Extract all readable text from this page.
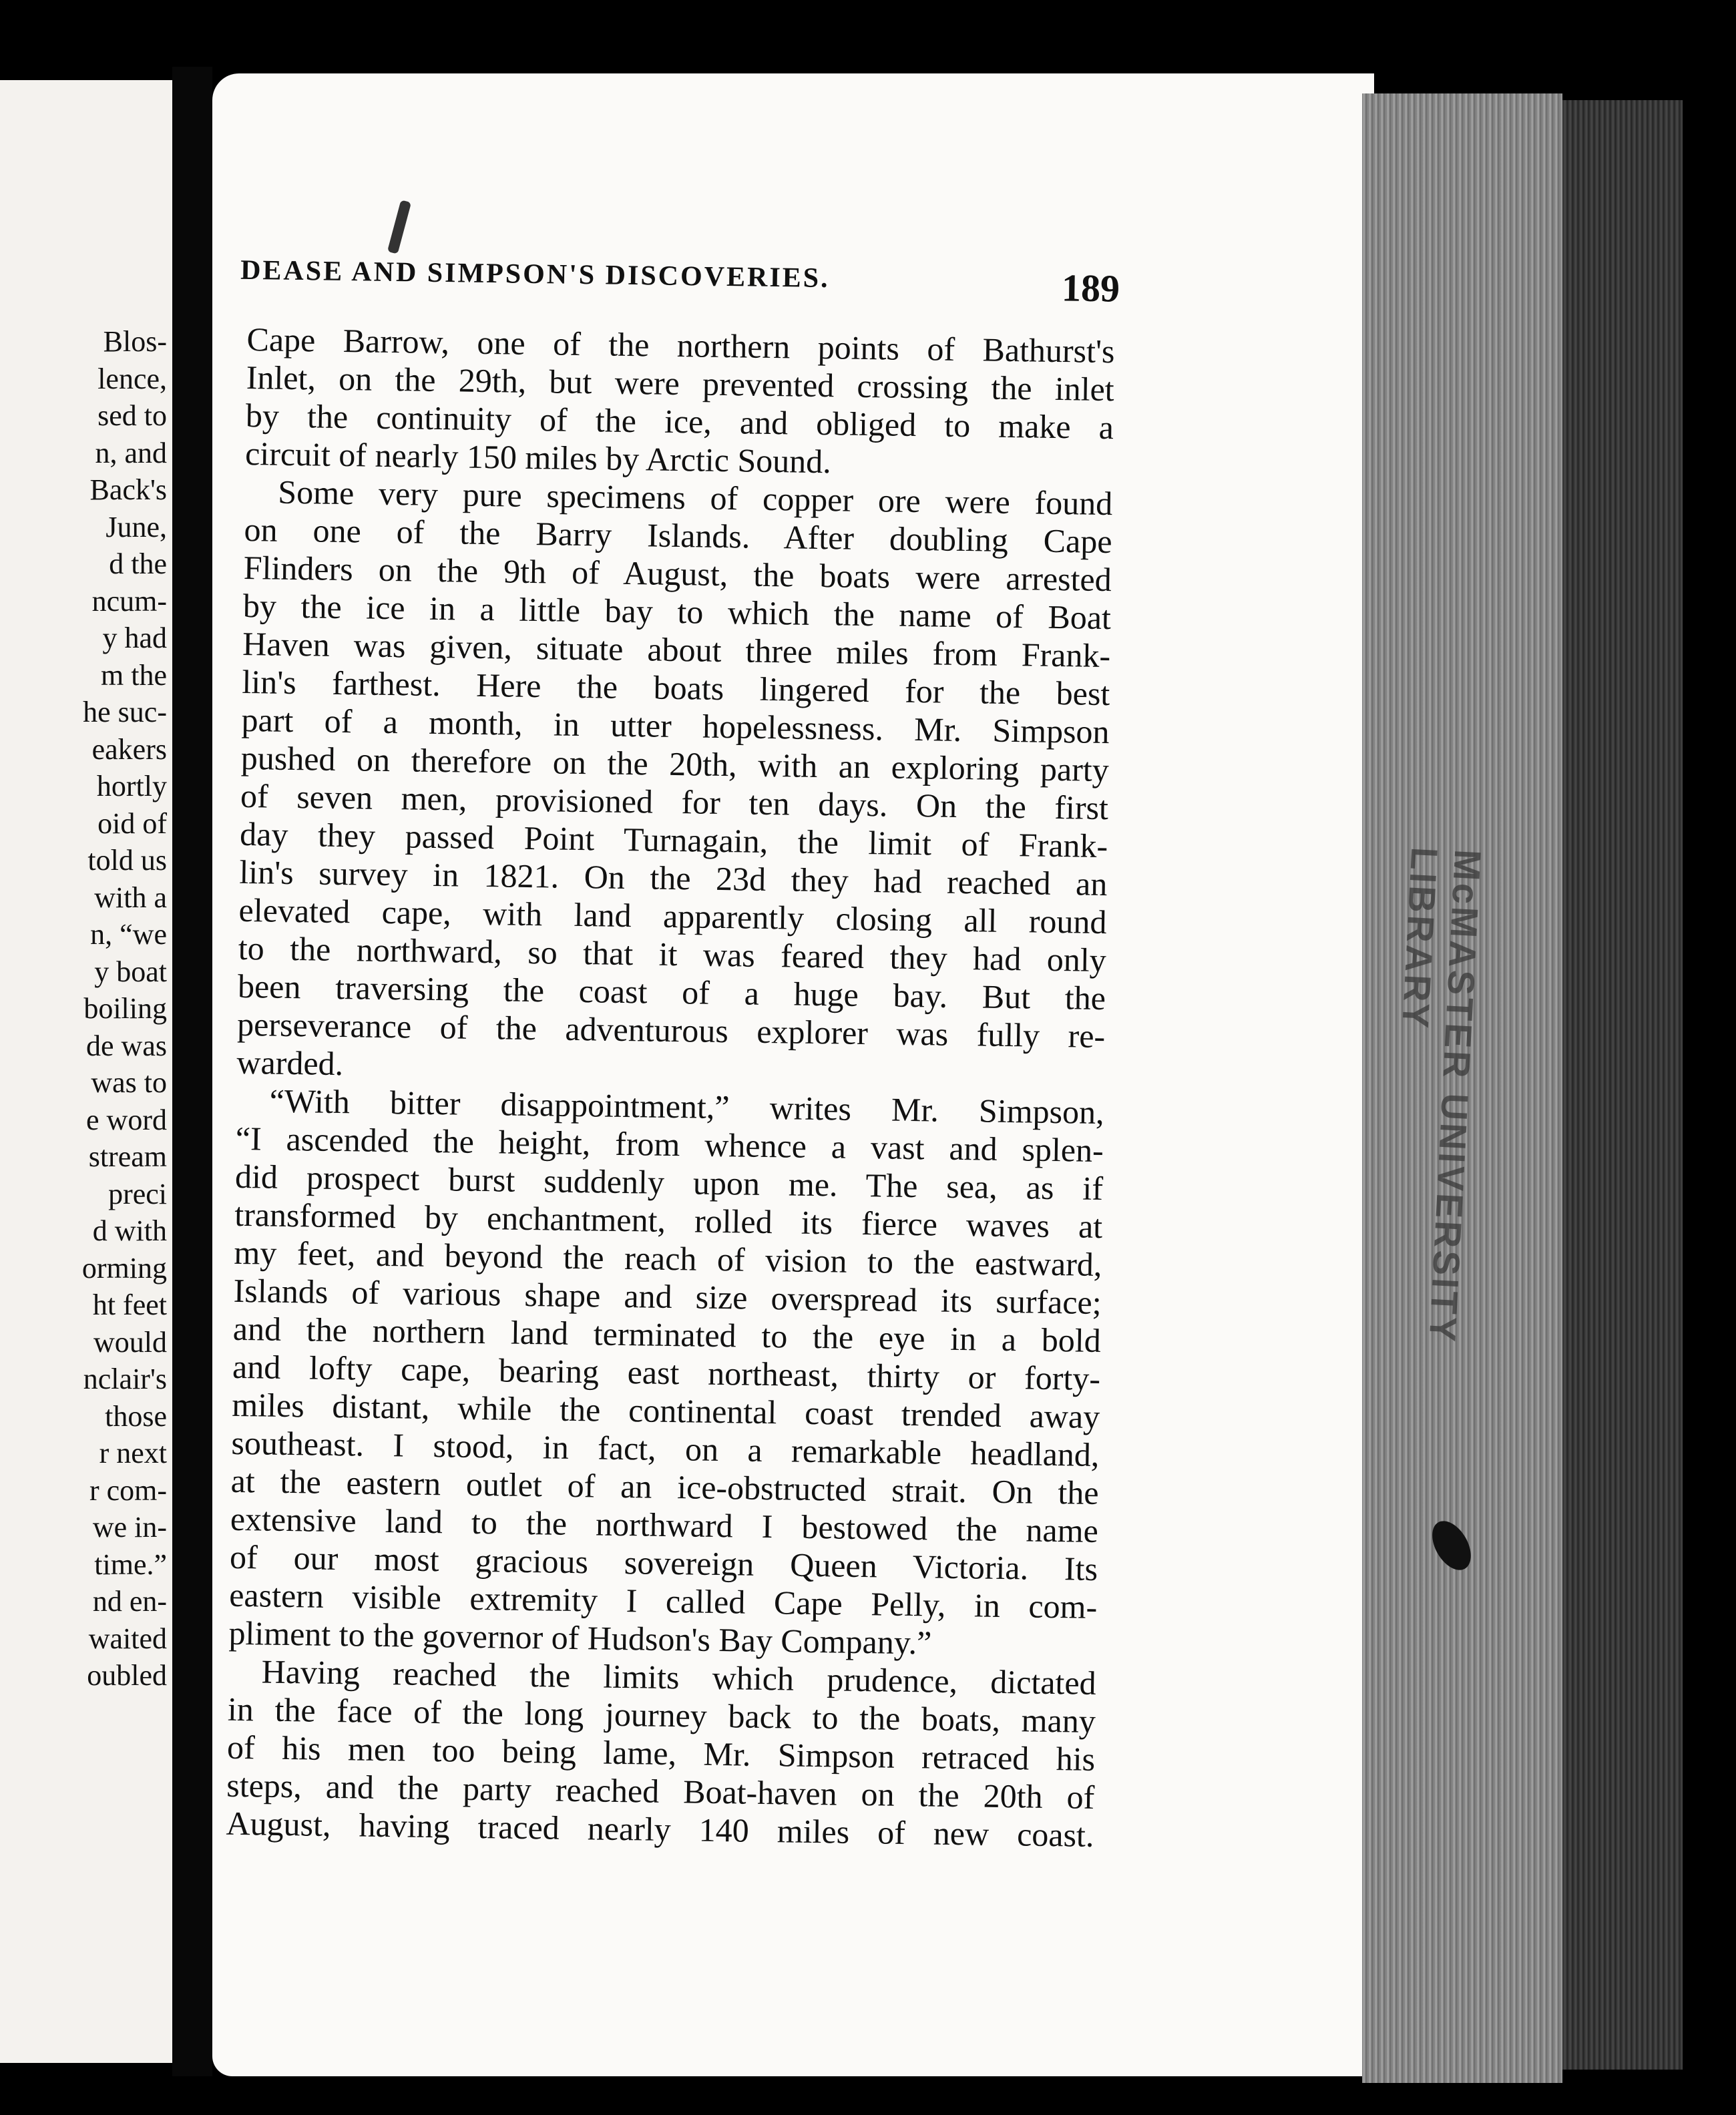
Blos-
lence,
sed to
n, and
Back's
June,
d the
ncum-
y had
m the
he suc-
eakers
hortly
oid of
told us
with a
n, “we
y boat
boiling
de was
was to
e word
stream
preci
d with
orming
ht feet
would
nclair's
those
r next
r com-
we in-
time.”
nd en-
waited
oubled
McMASTER UNIVERSITY LIBRARY
DEASE AND SIMPSON'S DISCOVERIES.	189
Cape Barrow, one of the northern points of Bathurst's
Inlet, on the 29th, but were prevented crossing the inlet
by the continuity of the ice, and obliged to make a
circuit of nearly 150 miles by Arctic Sound.
Some very pure specimens of copper ore were found
on one of the Barry Islands. After doubling Cape
Flinders on the 9th of August, the boats were arrested
by the ice in a little bay to which the name of Boat
Haven was given, situate about three miles from Frank-
lin's farthest. Here the boats lingered for the best
part of a month, in utter hopelessness. Mr. Simpson
pushed on therefore on the 20th, with an exploring party
of seven men, provisioned for ten days. On the first
day they passed Point Turnagain, the limit of Frank-
lin's survey in 1821. On the 23d they had reached an
elevated cape, with land apparently closing all round
to the northward, so that it was feared they had only
been traversing the coast of a huge bay. But the
perseverance of the adventurous explorer was fully re-
warded.
“With bitter disappointment,” writes Mr. Simpson,
“I ascended the height, from whence a vast and splen-
did prospect burst suddenly upon me. The sea, as if
transformed by enchantment, rolled its fierce waves at
my feet, and beyond the reach of vision to the eastward,
Islands of various shape and size overspread its surface;
and the northern land terminated to the eye in a bold
and lofty cape, bearing east northeast, thirty or forty-
miles distant, while the continental coast trended away
southeast. I stood, in fact, on a remarkable headland,
at the eastern outlet of an ice-obstructed strait. On the
extensive land to the northward I bestowed the name
of our most gracious sovereign Queen Victoria. Its
eastern visible extremity I called Cape Pelly, in com-
pliment to the governor of Hudson's Bay Company.”
Having reached the limits which prudence, dictated
in the face of the long journey back to the boats, many
of his men too being lame, Mr. Simpson retraced his
steps, and the party reached Boat-haven on the 20th of
August, having traced nearly 140 miles of new coast.
